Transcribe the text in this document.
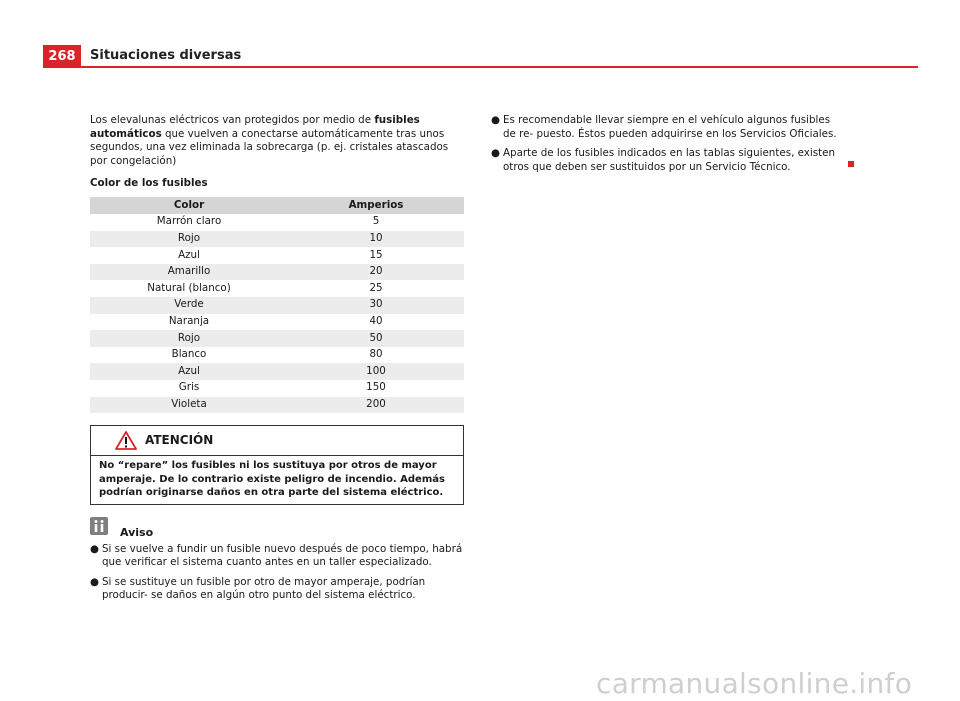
268	Situaciones diversas

Los elevalunas eléctricos van protegidos por medio de fusibles automáticos que vuelven a conectarse automáticamente tras unos segundos, una vez eliminada la sobrecarga (p. ej. cristales atascados por congelación)

Color de los fusibles

Color	Amperios
Marrón claro	5
Rojo	10
Azul	15
Amarillo	20
Natural (blanco)	25
Verde	30
Naranja	40
Rojo	50
Blanco	80
Azul	100
Gris	150
Violeta	200
ATENCIÓN
No “repare” los fusibles ni los sustituya por otros de mayor amperaje. De lo contrario existe peligro de incendio. Además podrían originarse daños en otra parte del sistema eléctrico.
Aviso
● Si se vuelve a fundir un fusible nuevo después de poco tiempo, habrá que verificar el sistema cuanto antes en un taller especializado.
● Si se sustituye un fusible por otro de mayor amperaje, podrían producir- se daños en algún otro punto del sistema eléctrico.
● Es recomendable llevar siempre en el vehículo algunos fusibles de re- puesto. Éstos pueden adquirirse en los Servicios Oficiales.
● Aparte de los fusibles indicados en las tablas siguientes, existen otros que deben ser sustituidos por un Servicio Técnico.
carmanualsonline.info
